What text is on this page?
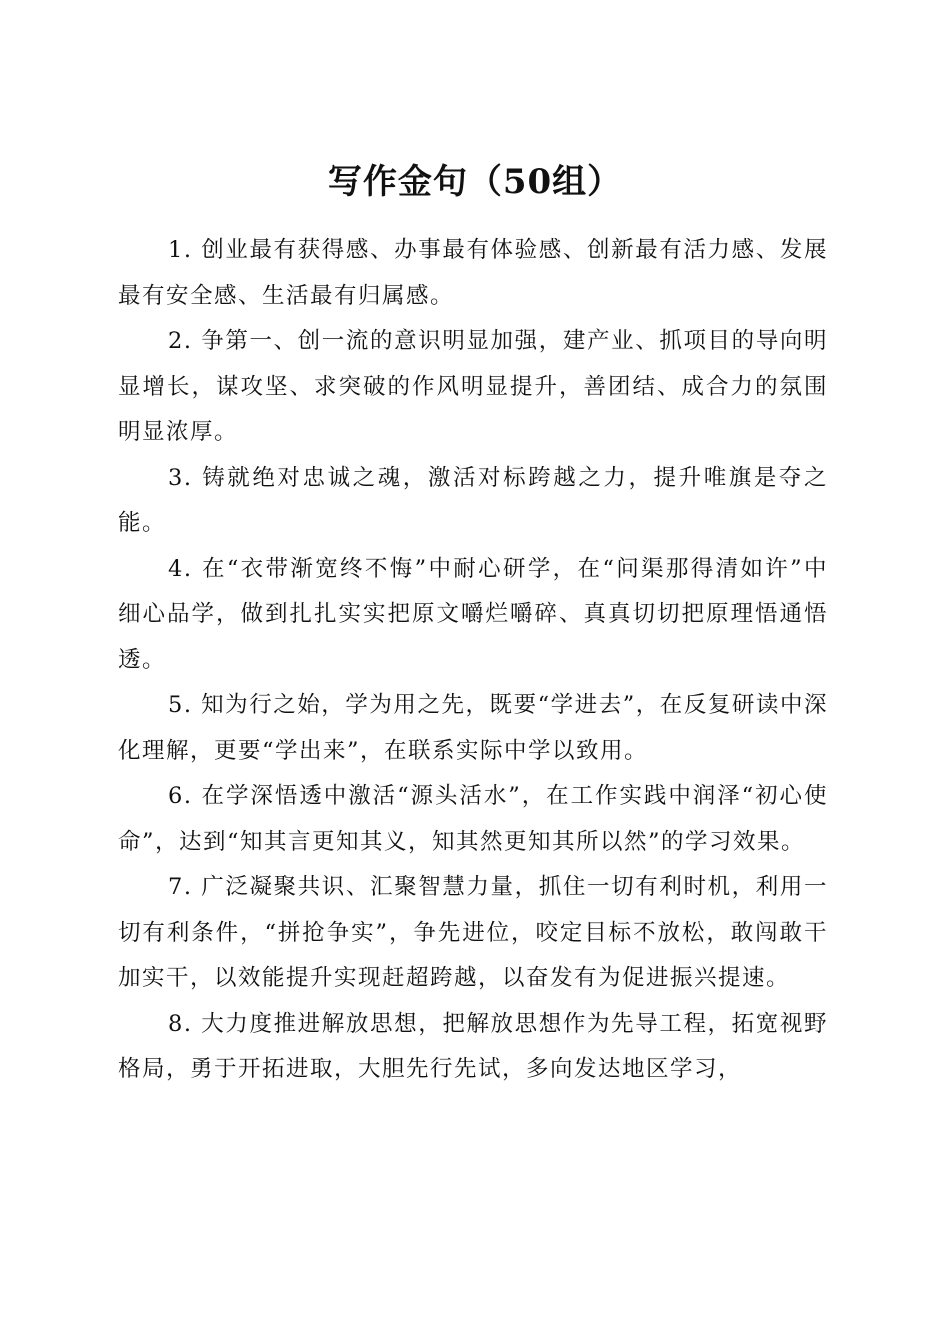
写作金句（50组）

1. 创业最有获得感、办事最有体验感、创新最有活力感、发展最有安全感、生活最有归属感。

2. 争第一、创一流的意识明显加强，建产业、抓项目的导向明显增长，谋攻坚、求突破的作风明显提升，善团结、成合力的氛围明显浓厚。

3. 铸就绝对忠诚之魂，激活对标跨越之力，提升唯旗是夺之能。

4. 在“衣带渐宽终不悔”中耐心研学，在“问渠那得清如许”中细心品学，做到扎扎实实把原文嚼烂嚼碎、真真切切把原理悟通悟透。

5. 知为行之始，学为用之先，既要“学进去”，在反复研读中深化理解，更要“学出来”，在联系实际中学以致用。

6. 在学深悟透中激活“源头活水”，在工作实践中润泽“初心使命”，达到“知其言更知其义，知其然更知其所以然”的学习效果。

7. 广泛凝聚共识、汇聚智慧力量，抓住一切有利时机，利用一切有利条件，“拼抢争实”，争先进位，咬定目标不放松，敢闯敢干加实干，以效能提升实现赶超跨越，以奋发有为促进振兴提速。

8. 大力度推进解放思想，把解放思想作为先导工程，拓宽视野格局，勇于开拓进取，大胆先行先试，多向发达地区学习，
